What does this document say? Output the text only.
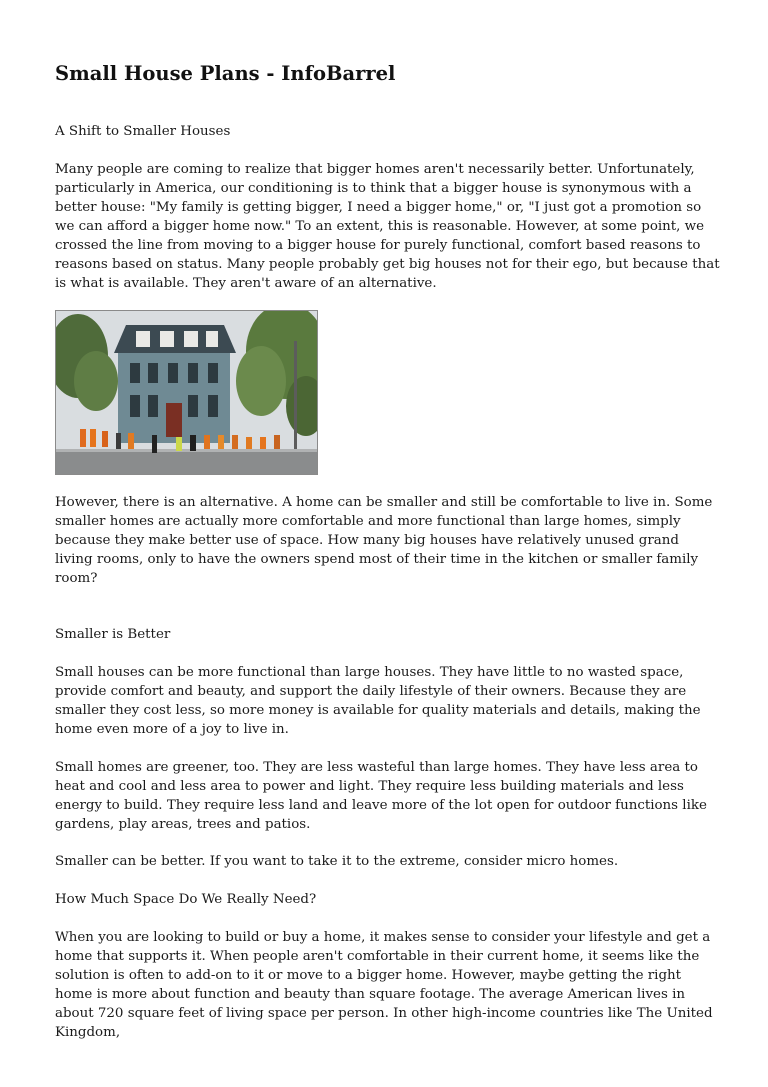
Small House Plans - InfoBarrel

A Shift to Smaller Houses

Many people are coming to realize that bigger homes aren't necessarily better. Unfortunately, particularly in America, our conditioning is to think that a bigger house is synonymous with a better house: "My family is getting bigger, I need a bigger home," or, "I just got a promotion so we can afford a bigger home now." To an extent, this is reasonable. However, at some point, we crossed the line from moving to a bigger house for purely functional, comfort based reasons to reasons based on status. Many people probably get big houses not for their ego, but because that is what is available. They aren't aware of an alternative.

However, there is an alternative. A home can be smaller and still be comfortable to live in. Some smaller homes are actually more comfortable and more functional than large homes, simply because they make better use of space. How many big houses have relatively unused grand living rooms, only to have the owners spend most of their time in the kitchen or smaller family room?

Smaller is Better

Small houses can be more functional than large houses. They have little to no wasted space, provide comfort and beauty, and support the daily lifestyle of their owners. Because they are smaller they cost less, so more money is available for quality materials and details, making the home even more of a joy to live in.

Small homes are greener, too. They are less wasteful than large homes. They have less area to heat and cool and less area to power and light. They require less building materials and less energy to build. They require less land and leave more of the lot open for outdoor functions like gardens, play areas, trees and patios.

Smaller can be better. If you want to take it to the extreme, consider micro homes.

How Much Space Do We Really Need?

When you are looking to build or buy a home, it makes sense to consider your lifestyle and get a home that supports it. When people aren't comfortable in their current home, it seems like the solution is often to add-on to it or move to a bigger home. However, maybe getting the right home is more about function and beauty than square footage. The average American lives in about 720 square feet of living space per person. In other high-income countries like The United Kingdom,
